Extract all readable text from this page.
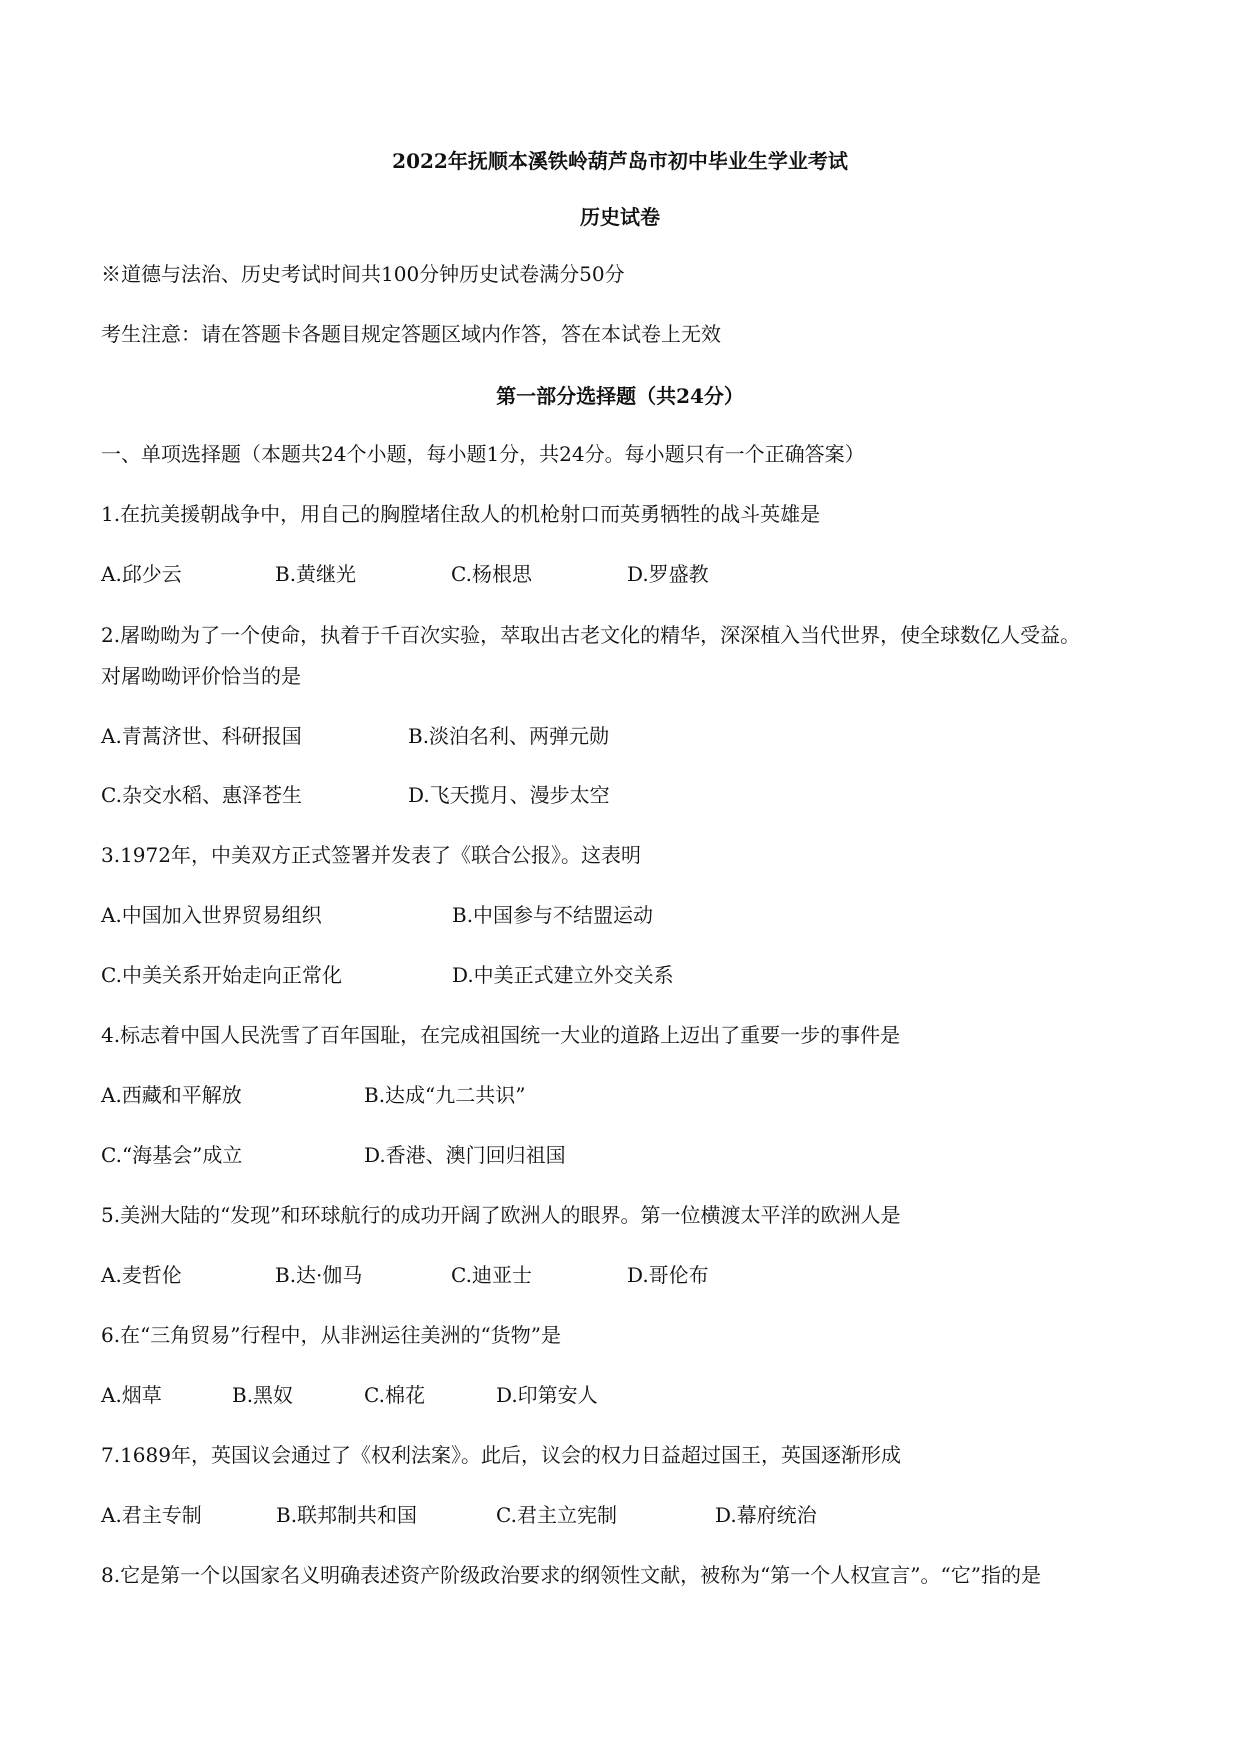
2022年抚顺本溪铁岭葫芦岛市初中毕业生学业考试
历史试卷
※道德与法治、历史考试时间共100分钟历史试卷满分50分
考生注意：请在答题卡各题目规定答题区域内作答，答在本试卷上无效
第一部分选择题（共24分）
一、单项选择题（本题共24个小题，每小题1分，共24分。每小题只有一个正确答案）
1.在抗美援朝战争中，用自己的胸膛堵住敌人的机枪射口而英勇牺牲的战斗英雄是
A.邱少云	B.黄继光	C.杨根思	D.罗盛教
2.屠呦呦为了一个使命，执着于千百次实验，萃取出古老文化的精华，深深植入当代世界，使全球数亿人受益。
对屠呦呦评价恰当的是
A.青蒿济世、科研报国	B.淡泊名利、两弹元勋
C.杂交水稻、惠泽苍生	D.飞天揽月、漫步太空
3.1972年，中美双方正式签署并发表了《联合公报》。这表明
A.中国加入世界贸易组织	B.中国参与不结盟运动
C.中美关系开始走向正常化	D.中美正式建立外交关系
4.标志着中国人民洗雪了百年国耻，在完成祖国统一大业的道路上迈出了重要一步的事件是
A.西藏和平解放	B.达成“九二共识”
C.“海基会”成立	D.香港、澳门回归祖国
5.美洲大陆的“发现”和环球航行的成功开阔了欧洲人的眼界。第一位横渡太平洋的欧洲人是
A.麦哲伦	B.达·伽马	C.迪亚士	D.哥伦布
6.在“三角贸易”行程中，从非洲运往美洲的“货物”是
A.烟草	B.黑奴	C.棉花	D.印第安人
7.1689年，英国议会通过了《权利法案》。此后，议会的权力日益超过国王，英国逐渐形成
A.君主专制	B.联邦制共和国	C.君主立宪制	D.幕府统治
8.它是第一个以国家名义明确表述资产阶级政治要求的纲领性文献，被称为“第一个人权宣言”。“它”指的是
